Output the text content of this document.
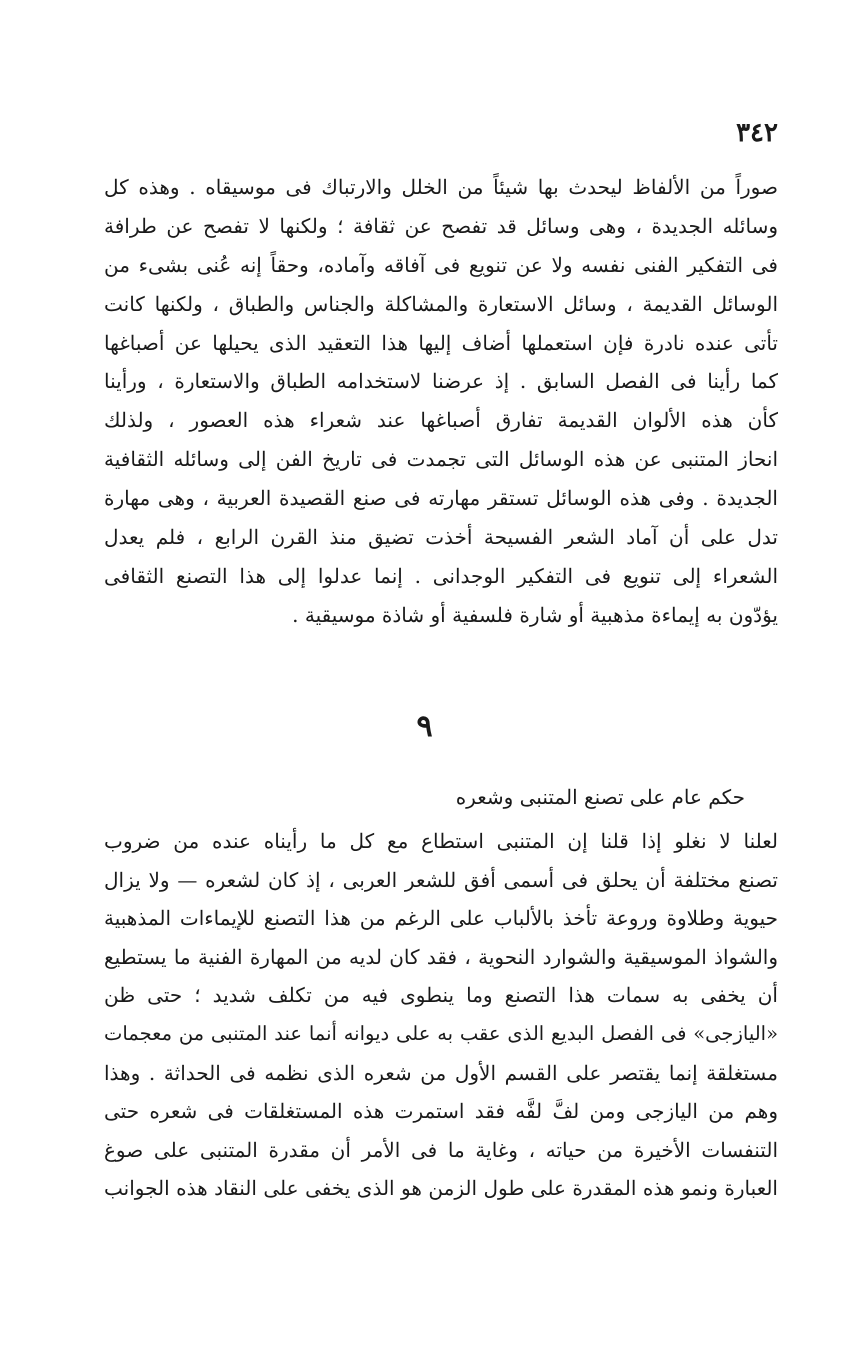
٣٤٢
صوراً من الألفاظ ليحدث بها شيئاً من الخلل والارتباك فى موسيقاه . وهذه كل
وسائله الجديدة ، وهى وسائل قد تفصح عن ثقافة ؛ ولكنها لا تفصح عن طرافة
فى التفكير الفنى نفسه ولا عن تنويع فى آفاقه وآماده، وحقاً إنه عُنى بشىء من
الوسائل القديمة ، وسائل الاستعارة والمشاكلة والجناس والطباق ، ولكنها كانت
تأتى عنده نادرة فإن استعملها أضاف إليها هذا التعقيد الذى يحيلها عن أصباغها
كما رأينا فى الفصل السابق . إذ عرضنا لاستخدامه الطباق والاستعارة ، ورأينا
كأن هذه الألوان القديمة تفارق أصباغها عند شعراء هذه العصور ، ولذلك
انحاز المتنبى عن هذه الوسائل التى تجمدت فى تاريخ الفن إلى وسائله الثقافية
الجديدة . وفى هذه الوسائل تستقر مهارته فى صنع القصيدة العربية ، وهى مهارة
تدل على أن آماد الشعر الفسيحة أخذت تضيق منذ القرن الرابع ، فلم يعدل
الشعراء إلى تنويع فى التفكير الوجدانى . إنما عدلوا إلى هذا التصنع الثقافى
يؤدّون به إيماءة مذهبية أو شارة فلسفية أو شاذة موسيقية .
٩
حكم عام على تصنع المتنبى وشعره
لعلنا لا نغلو إذا قلنا إن المتنبى استطاع مع كل ما رأيناه عنده من ضروب
تصنع مختلفة أن يحلق فى أسمى أفق للشعر العربى ، إذ كان لشعره — ولا يزال
حيوية وطلاوة وروعة تأخذ بالألباب على الرغم من هذا التصنع للإيماءات المذهبية
والشواذ الموسيقية والشوارد النحوية ، فقد كان لديه من المهارة الفنية ما يستطيع
أن يخفى به سمات هذا التصنع وما ينطوى فيه من تكلف شديد ؛ حتى ظن
«اليازجى» فى الفصل البديع الذى عقب به على ديوانه أنما عند المتنبى من معجمات
مستغلقة إنما يقتصر على القسم الأول من شعره الذى نظمه فى الحداثة . وهذا
وهم من اليازجى ومن لفَّ لفَّه فقد استمرت هذه المستغلقات فى شعره حتى
التنفسات الأخيرة من حياته ، وغاية ما فى الأمر أن مقدرة المتنبى على صوغ
العبارة ونمو هذه المقدرة على طول الزمن هو الذى يخفى على النقاد هذه الجوانب
